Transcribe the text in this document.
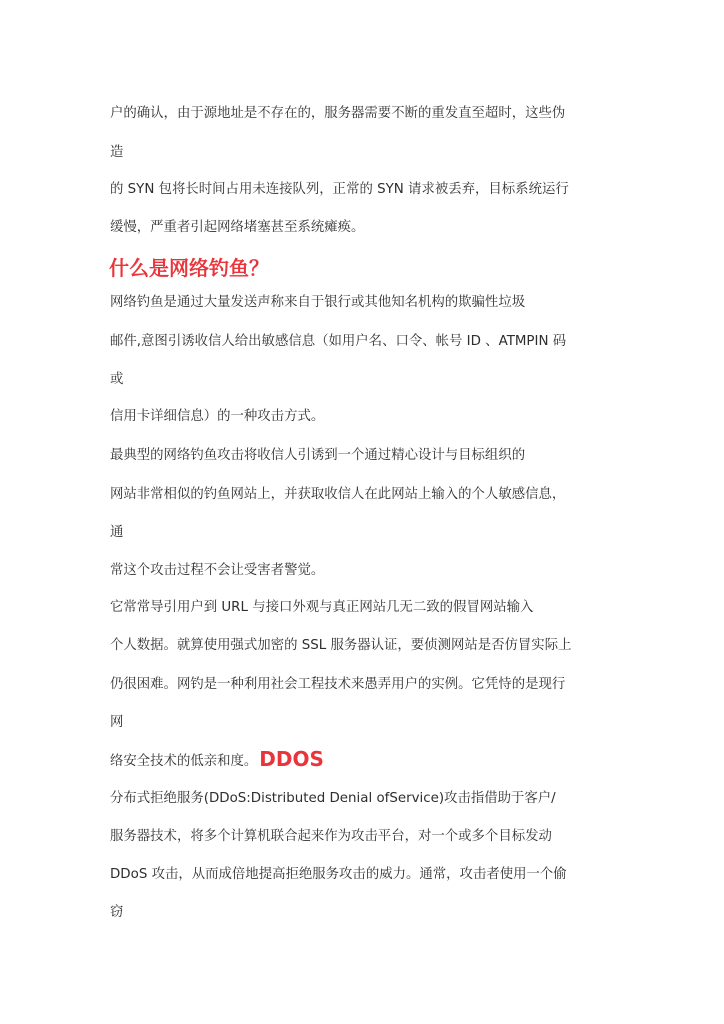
户的确认，由于源地址是不存在的，服务器需要不断的重发直至超时，这些伪
造
的 SYN 包将长时间占用未连接队列，正常的 SYN 请求被丢弃，目标系统运行
缓慢，严重者引起网络堵塞甚至系统瘫痪。
什么是网络钓鱼？
网络钓鱼是通过大量发送声称来自于银行或其他知名机构的欺骗性垃圾
邮件,意图引诱收信人给出敏感信息（如用户名、口令、帐号 ID 、ATMPIN 码
或
信用卡详细信息）的一种攻击方式。
最典型的网络钓鱼攻击将收信人引诱到一个通过精心设计与目标组织的
网站非常相似的钓鱼网站上，并获取收信人在此网站上输入的个人敏感信息，
通
常这个攻击过程不会让受害者警觉。
它常常导引用户到 URL 与接口外观与真正网站几无二致的假冒网站输入
个人数据。就算使用强式加密的 SSL 服务器认证，要侦测网站是否仿冒实际上
仍很困难。网钓是一种利用社会工程技术来愚弄用户的实例。它凭恃的是现行
网
络安全技术的低亲和度。 DDOS
分布式拒绝服务(DDoS:Distributed Denial ofService)攻击指借助于客户/
服务器技术，将多个计算机联合起来作为攻击平台，对一个或多个目标发动
DDoS 攻击，从而成倍地提高拒绝服务攻击的威力。通常，攻击者使用一个偷
窃
